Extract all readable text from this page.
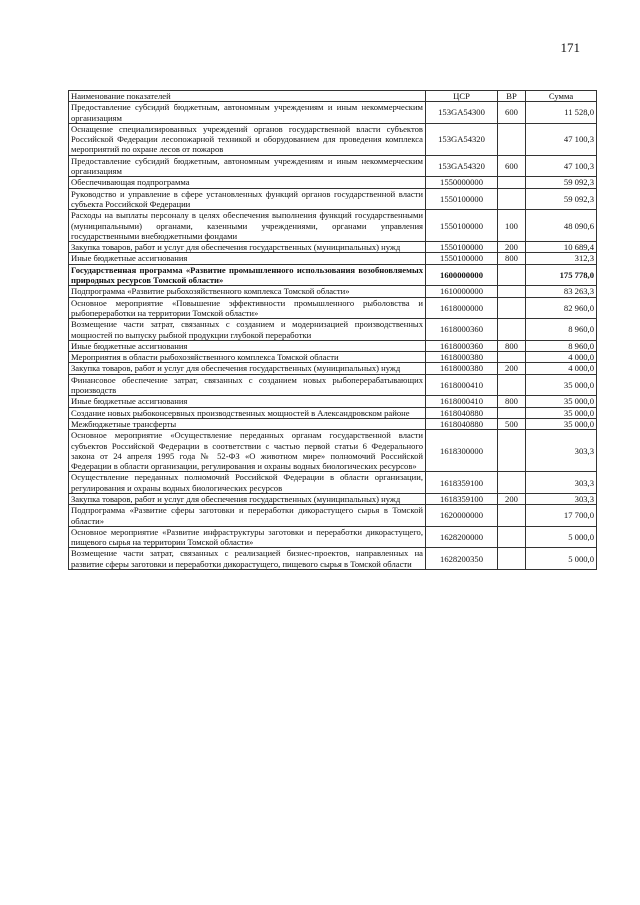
171
Наименование показателей	ЦСР	ВР	Сумма
Предоставление субсидий бюджетным, автономным учреждениям и иным некоммерческим организациям	153GA54300	600	11 528,0
Оснащение специализированных учреждений органов государственной власти субъектов Российской Федерации лесопожарной техникой и оборудованием для проведения комплекса мероприятий по охране лесов от пожаров	153GA54320		47 100,3
Предоставление субсидий бюджетным, автономным учреждениям и иным некоммерческим организациям	153GA54320	600	47 100,3
Обеспечивающая подпрограмма	1550000000		59 092,3
Руководство и управление в сфере установленных функций органов государственной власти субъекта Российской Федерации	1550100000		59 092,3
Расходы на выплаты персоналу в целях обеспечения выполнения функций государственными (муниципальными) органами, казенными учреждениями, органами управления государственными внебюджетными фондами	1550100000	100	48 090,6
Закупка товаров, работ и услуг для обеспечения государственных (муниципальных) нужд	1550100000	200	10 689,4
Иные бюджетные ассигнования	1550100000	800	312,3
Государственная программа «Развитие промышленного использования возобновляемых природных ресурсов Томской области»	1600000000		175 778,0
Подпрограмма «Развитие рыбохозяйственного комплекса Томской области»	1610000000		83 263,3
Основное мероприятие «Повышение эффективности промышленного рыболовства и рыбопереработки на территории Томской области»	1618000000		82 960,0
Возмещение части затрат, связанных с созданием и модернизацией производственных мощностей по выпуску рыбной продукции глубокой переработки	1618000360		8 960,0
Иные бюджетные ассигнования	1618000360	800	8 960,0
Мероприятия в области рыбохозяйственного комплекса Томской области	1618000380		4 000,0
Закупка товаров, работ и услуг для обеспечения государственных (муниципальных) нужд	1618000380	200	4 000,0
Финансовое обеспечение затрат, связанных с созданием новых рыбоперерабатывающих производств	1618000410		35 000,0
Иные бюджетные ассигнования	1618000410	800	35 000,0
Создание новых рыбоконсервных производственных мощностей в Александровском районе	1618040880		35 000,0
Межбюджетные трансферты	1618040880	500	35 000,0
Основное мероприятие «Осуществление переданных органам государственной власти субъектов Российской Федерации в соответствии с частью первой статьи 6 Федерального закона от 24 апреля 1995 года № 52-ФЗ «О животном мире» полномочий Российской Федерации в области организации, регулирования и охраны водных биологических ресурсов»	1618300000		303,3
Осуществление переданных полномочий Российской Федерации в области организации, регулирования и охраны водных биологических ресурсов	1618359100		303,3
Закупка товаров, работ и услуг для обеспечения государственных (муниципальных) нужд	1618359100	200	303,3
Подпрограмма «Развитие сферы заготовки и переработки дикорастущего сырья в Томской области»	1620000000		17 700,0
Основное мероприятие «Развитие инфраструктуры заготовки и переработки дикорастущего, пищевого сырья на территории Томской области»	1628200000		5 000,0
Возмещение части затрат, связанных с реализацией бизнес-проектов, направленных на развитие сферы заготовки и переработки дикорастущего, пищевого сырья в Томской области	1628200350		5 000,0
